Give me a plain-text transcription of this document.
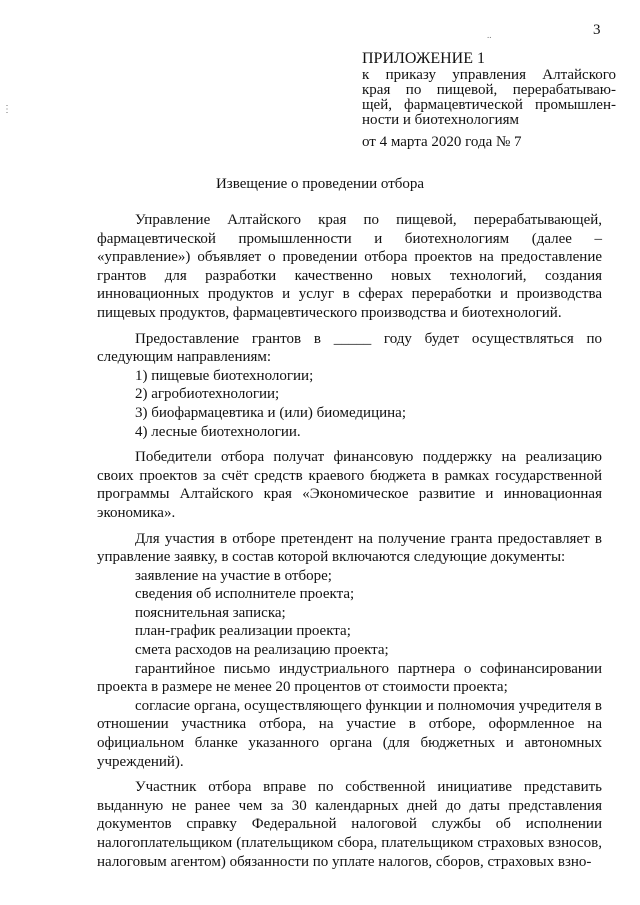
3
..
⋮
ПРИЛОЖЕНИЕ 1
к приказу управления Алтайского
края по пищевой, перерабатываю-
щей, фармацевтической промышлен-
ности и биотехнологиям
от 4 марта 2020 года № 7
Извещение о проведении отбора

Управление Алтайского края по пищевой, перерабатывающей, фармацевтической промышленности и биотехнологиям (далее – «управление») объявляет о проведении отбора проектов на предоставление грантов для разработки качественно новых технологий, создания инновационных продуктов и услуг в сферах переработки и производства пищевых продуктов, фармацевтического производства и биотехнологий.

Предоставление грантов в _____ году будет осуществляться по следующим направлениям:

1) пищевые биотехнологии;

2) агробиотехнологии;

3) биофармацевтика и (или) биомедицина;

4) лесные биотехнологии.

Победители отбора получат финансовую поддержку на реализацию своих проектов за счёт средств краевого бюджета в рамках государственной программы Алтайского края «Экономическое развитие и инновационная экономика».

Для участия в отборе претендент на получение гранта предоставляет в управление заявку, в состав которой включаются следующие документы:

заявление на участие в отборе;

сведения об исполнителе проекта;

пояснительная записка;

план-график реализации проекта;

смета расходов на реализацию проекта;

гарантийное письмо индустриального партнера о софинансировании проекта в размере не менее 20 процентов от стоимости проекта;

согласие органа, осуществляющего функции и полномочия учредителя в отношении участника отбора, на участие в отборе, оформленное на официальном бланке указанного органа (для бюджетных и автономных учреждений).

Участник отбора вправе по собственной инициативе представить выданную не ранее чем за 30 календарных дней до даты представления документов справку Федеральной налоговой службы об исполнении налогоплательщиком (плательщиком сбора, плательщиком страховых взносов, налоговым агентом) обязанности по уплате налогов, сборов, страховых взно-
